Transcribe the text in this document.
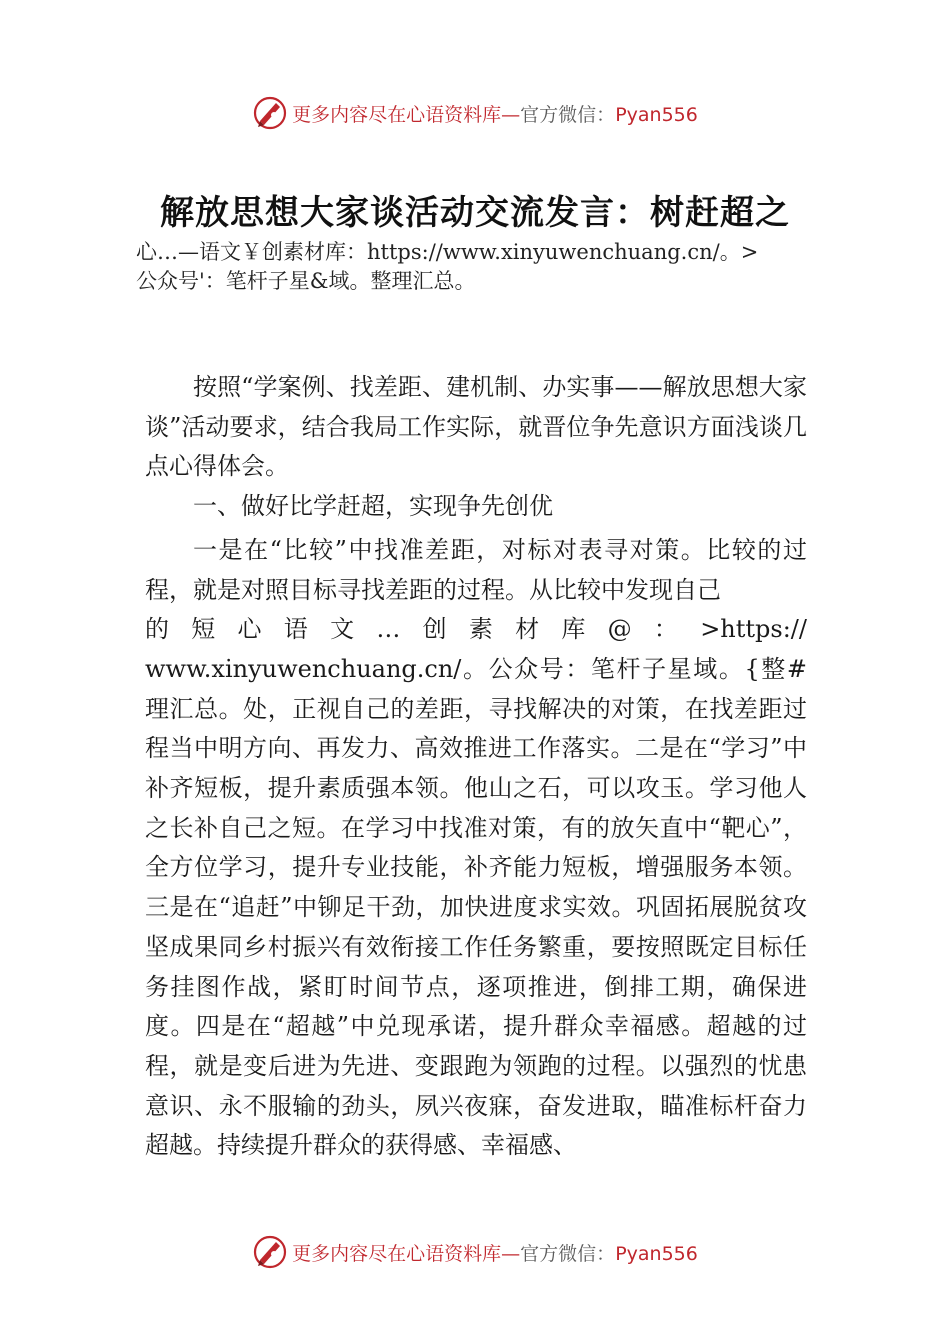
更多内容尽在心语资料库—官方微信：Pyan556
解放思想大家谈活动交流发言：树赶超之
心…—语文￥创素材库：https://www.xinyuwenchuang.cn/。>
公众号'：笔杆子星&域。整理汇总。

按照“学案例、找差距、建机制、办实事——解放思想大家谈”活动要求，结合我局工作实际，就晋位争先意识方面浅谈几点心得体会。

一、做好比学赶超，实现争先创优

一是在“比较”中找准差距，对标对表寻对策。比较的过程，就是对照目标寻找差距的过程。从比较中发现自己

的 短 心 语 文 … 创 素 材 库 @ ： >https://

www.xinyuwenchuang.cn/。公众号：笔杆子星域。{整#理汇总。处，正视自己的差距，寻找解决的对策，在找差距过程当中明方向、再发力、高效推进工作落实。二是在“学习”中补齐短板，提升素质强本领。他山之石，可以攻玉。学习他人之长补自己之短。在学习中找准对策，有的放矢直中“靶心”，全方位学习，提升专业技能，补齐能力短板，增强服务本领。三是在“追赶”中铆足干劲，加快进度求实效。巩固拓展脱贫攻坚成果同乡村振兴有效衔接工作任务繁重，要按照既定目标任务挂图作战，紧盯时间节点，逐项推进，倒排工期，确保进度。四是在“超越”中兑现承诺，提升群众幸福感。超越的过程，就是变后进为先进、变跟跑为领跑的过程。以强烈的忧患意识、永不服输的劲头，夙兴夜寐，奋发进取，瞄准标杆奋力超越。持续提升群众的获得感、幸福感、

更多内容尽在心语资料库—官方微信：Pyan556
